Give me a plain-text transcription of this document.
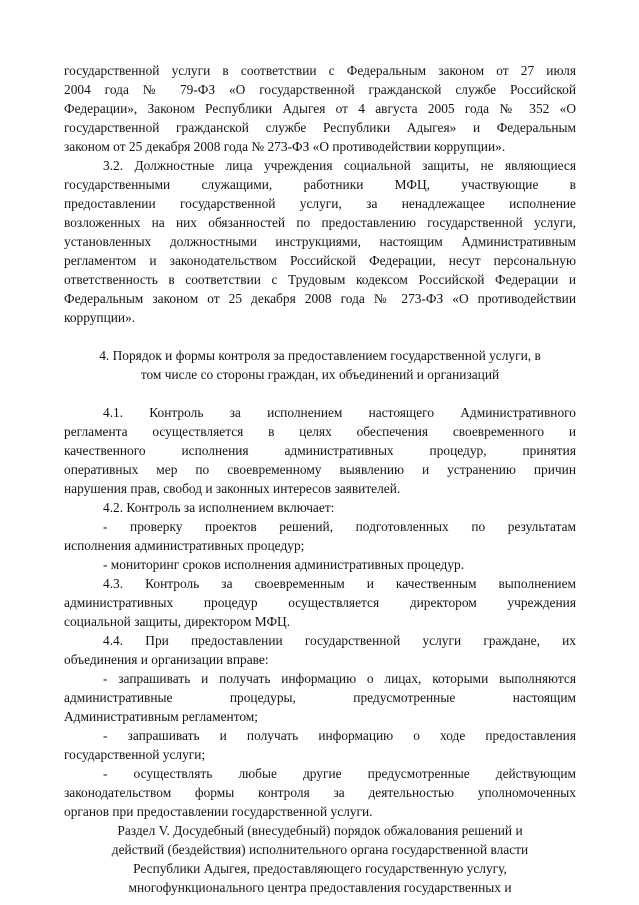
государственной услуги в соответствии с Федеральным законом от 27 июля
2004 года № 79-ФЗ «О государственной гражданской службе Российской
Федерации», Законом Республики Адыгея от 4 августа 2005 года № 352 «О
государственной гражданской службе Республики Адыгея» и Федеральным
законом от 25 декабря 2008 года № 273-ФЗ «О противодействии коррупции».
3.2. Должностные лица учреждения социальной защиты, не являющиеся
государственными служащими, работники МФЦ, участвующие в
предоставлении государственной услуги, за ненадлежащее исполнение
возложенных на них обязанностей по предоставлению государственной услуги,
установленных должностными инструкциями, настоящим Административным
регламентом и законодательством Российской Федерации, несут персональную
ответственность в соответствии с Трудовым кодексом Российской Федерации и
Федеральным законом от 25 декабря 2008 года № 273-ФЗ «О противодействии
коррупции».
4. Порядок и формы контроля за предоставлением государственной услуги, в
том числе со стороны граждан, их объединений и организаций
4.1. Контроль за исполнением настоящего Административного
регламента осуществляется в целях обеспечения своевременного и
качественного исполнения административных процедур, принятия
оперативных мер по своевременному выявлению и устранению причин
нарушения прав, свобод и законных интересов заявителей.
4.2. Контроль за исполнением включает:
- проверку проектов решений, подготовленных по результатам
исполнения административных процедур;
- мониторинг сроков исполнения административных процедур.
4.3. Контроль за своевременным и качественным выполнением
административных процедур осуществляется директором учреждения
социальной защиты, директором МФЦ.
4.4. При предоставлении государственной услуги граждане, их
объединения и организации вправе:
- запрашивать и получать информацию о лицах, которыми выполняются
административные процедуры, предусмотренные настоящим
Административным регламентом;
- запрашивать и получать информацию о ходе предоставления
государственной услуги;
- осуществлять любые другие предусмотренные действующим
законодательством формы контроля за деятельностью уполномоченных
органов при предоставлении государственной услуги.
Раздел V. Досудебный (внесудебный) порядок обжалования решений и
действий (бездействия) исполнительного органа государственной власти
Республики Адыгея, предоставляющего государственную услугу,
многофункционального центра предоставления государственных и
